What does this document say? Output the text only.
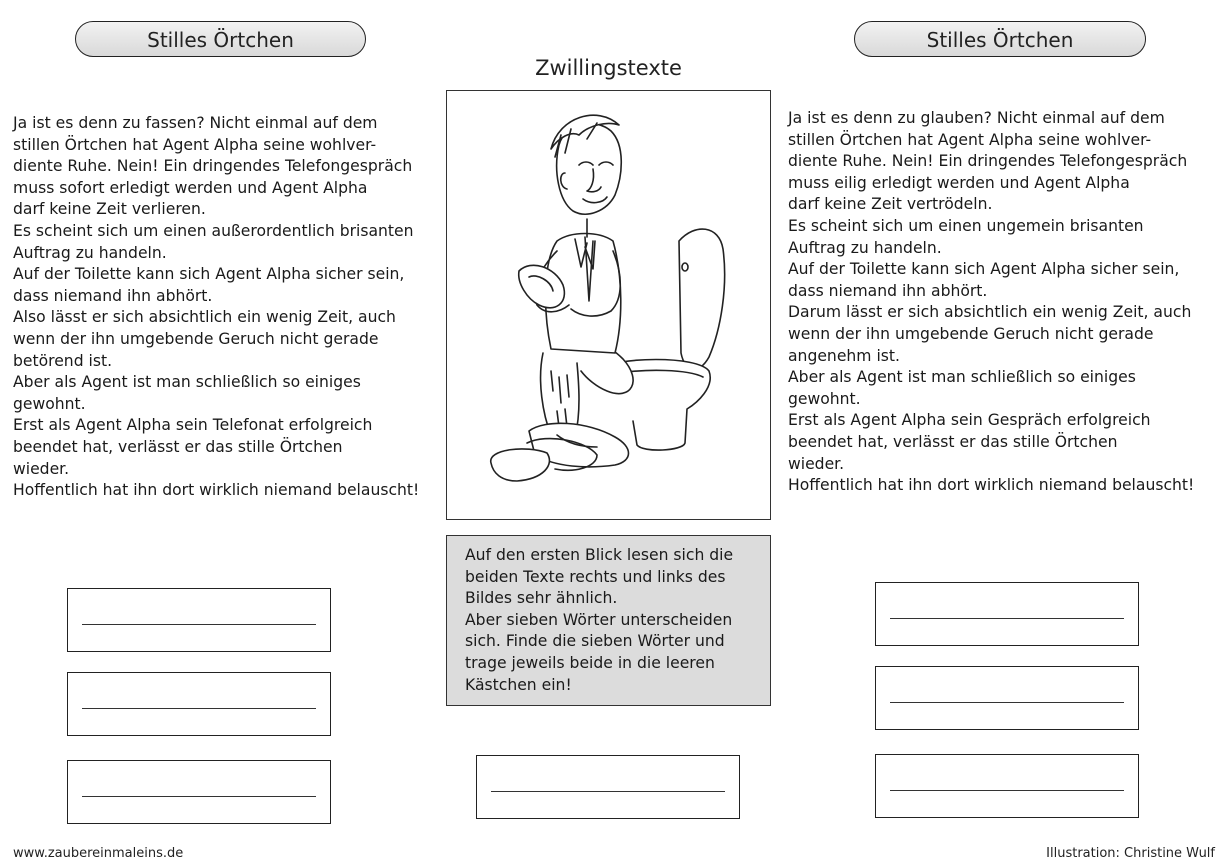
Stilles Örtchen	Stilles Örtchen
Zwillingstexte
Ja ist es denn zu fassen? Nicht einmal auf dem
stillen Örtchen hat Agent Alpha seine wohlver-
diente Ruhe. Nein! Ein dringendes Telefongespräch
muss sofort erledigt werden und Agent Alpha
darf keine Zeit verlieren.
Es scheint sich um einen außerordentlich brisanten
Auftrag zu handeln.
Auf der Toilette kann sich Agent Alpha sicher sein,
dass niemand ihn abhört.
Also lässt er sich absichtlich ein wenig Zeit, auch
wenn der ihn umgebende Geruch nicht gerade
betörend ist.
Aber als Agent ist man schließlich so einiges
gewohnt.
Erst als Agent Alpha sein Telefonat erfolgreich
beendet hat, verlässt er das stille Örtchen
wieder.
Hoffentlich hat ihn dort wirklich niemand belauscht!
Ja ist es denn zu glauben? Nicht einmal auf dem
stillen Örtchen hat Agent Alpha seine wohlver-
diente Ruhe. Nein! Ein dringendes Telefongespräch
muss eilig erledigt werden und Agent Alpha
darf keine Zeit vertrödeln.
Es scheint sich um einen ungemein brisanten
Auftrag zu handeln.
Auf der Toilette kann sich Agent Alpha sicher sein,
dass niemand ihn abhört.
Darum lässt er sich absichtlich ein wenig Zeit, auch
wenn der ihn umgebende Geruch nicht gerade
angenehm ist.
Aber als Agent ist man schließlich so einiges
gewohnt.
Erst als Agent Alpha sein Gespräch erfolgreich
beendet hat, verlässt er das stille Örtchen
wieder.
Hoffentlich hat ihn dort wirklich niemand belauscht!
Auf den ersten Blick lesen sich die
beiden Texte rechts und links des
Bildes sehr ähnlich.
Aber sieben Wörter unterscheiden
sich. Finde die sieben Wörter und
trage jeweils beide in die leeren
Kästchen ein!
www.zaubereinmaleins.de	Illustration: Christine Wulf
